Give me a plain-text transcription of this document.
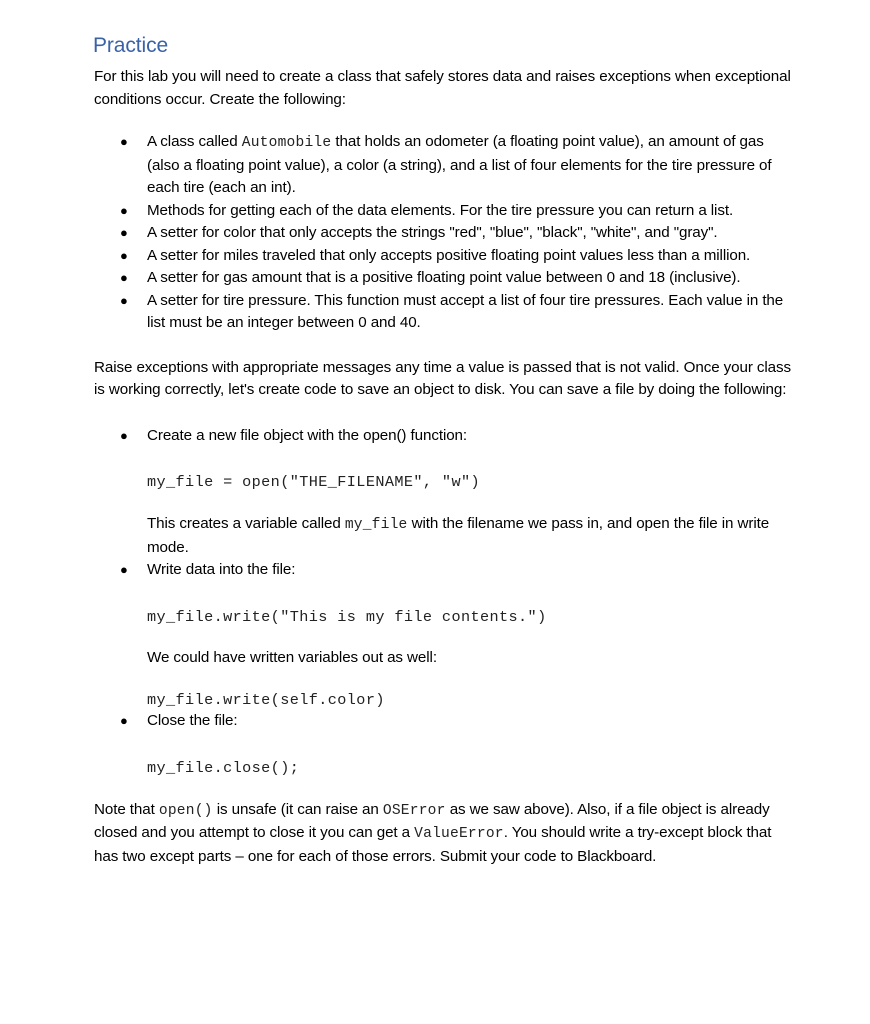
Practice

For this lab you will need to create a class that safely stores data and raises exceptions when exceptional conditions occur. Create the following:

● A class called Automobile that holds an odometer (a floating point value), an amount of gas (also a floating point value), a color (a string), and a list of four elements for the tire pressure of each tire (each an int).
● Methods for getting each of the data elements. For the tire pressure you can return a list.
● A setter for color that only accepts the strings "red", "blue", "black", "white", and "gray".
● A setter for miles traveled that only accepts positive floating point values less than a million.
● A setter for gas amount that is a positive floating point value between 0 and 18 (inclusive).
● A setter for tire pressure. This function must accept a list of four tire pressures. Each value in the list must be an integer between 0 and 40.

Raise exceptions with appropriate messages any time a value is passed that is not valid. Once your class is working correctly, let's create code to save an object to disk. You can save a file by doing the following:

● Create a new file object with the open() function:
my_file = open("THE_FILENAME", "w")
This creates a variable called my_file with the filename we pass in, and open the file in write mode.
● Write data into the file:
my_file.write("This is my file contents.")
We could have written variables out as well:
my_file.write(self.color)
● Close the file:
my_file.close();

Note that open() is unsafe (it can raise an OSError as we saw above). Also, if a file object is already closed and you attempt to close it you can get a ValueError. You should write a try-except block that has two except parts – one for each of those errors. Submit your code to Blackboard.
